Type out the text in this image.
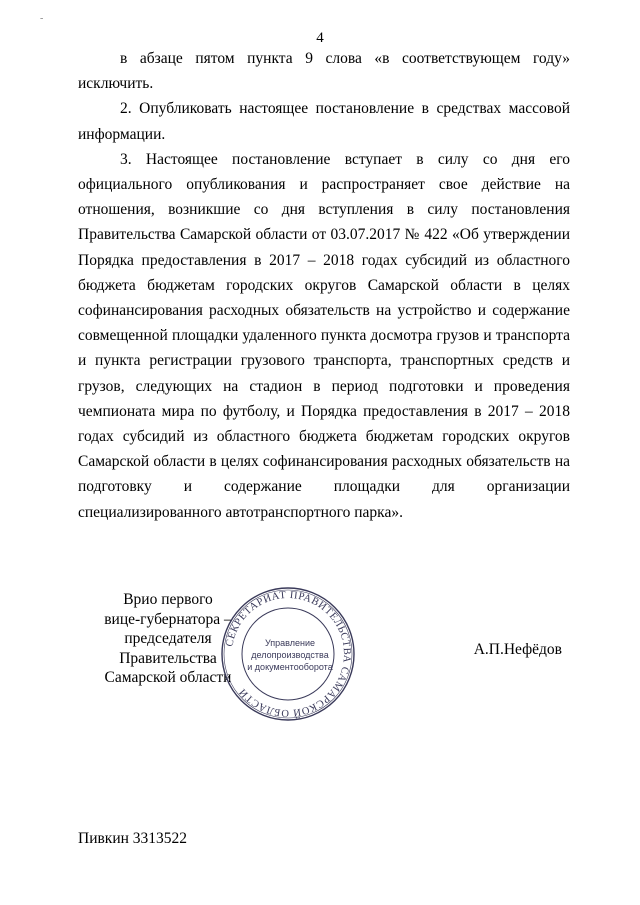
-
4

в абзаце пятом пункта 9 слова «в соответствующем году» исключить.

2. Опубликовать настоящее постановление в средствах массовой информации.

3. Настоящее постановление вступает в силу со дня его официального опубликования и распространяет свое действие на отношения, возникшие со дня вступления в силу постановления Правительства Самарской области от 03.07.2017 № 422 «Об утверждении Порядка предоставления в 2017 – 2018 годах субсидий из областного бюджета бюджетам городских округов Самарской области в целях софинансирования расходных обязательств на устройство и содержание совмещенной площадки удаленного пункта досмотра грузов и транспорта и пункта регистрации грузового транспорта, транспортных средств и грузов, следующих на стадион в период подготовки и проведения чемпионата мира по футболу, и Порядка предоставления в 2017 – 2018 годах субсидий из областного бюджета бюджетам городских округов Самарской области в целях софинансирования расходных обязательств на подготовку и содержание площадки для организации специализированного автотранспортного парка».

Врио первого
вице-губернатора –
председателя Правительства
Самарской области
СЕКРЕТАРИАТ ПРАВИТЕЛЬСТВА САМАРСКОЙ ОБЛАСТИ
Управление
делопроизводства
и документооборота
А.П.Нефёдов
Пивкин 3313522
